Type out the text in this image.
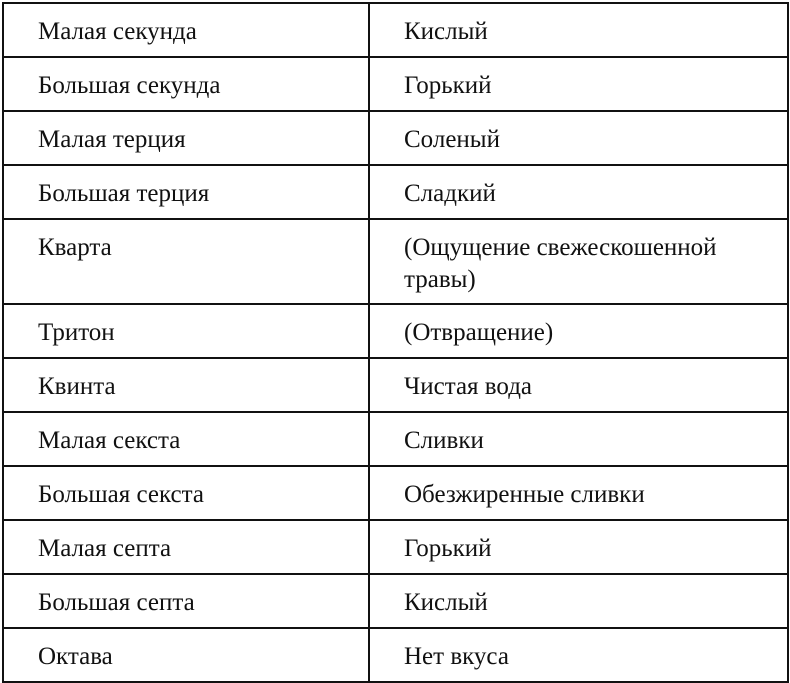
Малая секунда	Кислый
Большая секунда	Горький
Малая терция	Соленый
Большая терция	Сладкий
Кварта	(Ощущение свежескошенной травы)
Тритон	(Отвращение)
Квинта	Чистая вода
Малая секста	Сливки
Большая секста	Обезжиренные сливки
Малая септа	Горький
Большая септа	Кислый
Октава	Нет вкуса
